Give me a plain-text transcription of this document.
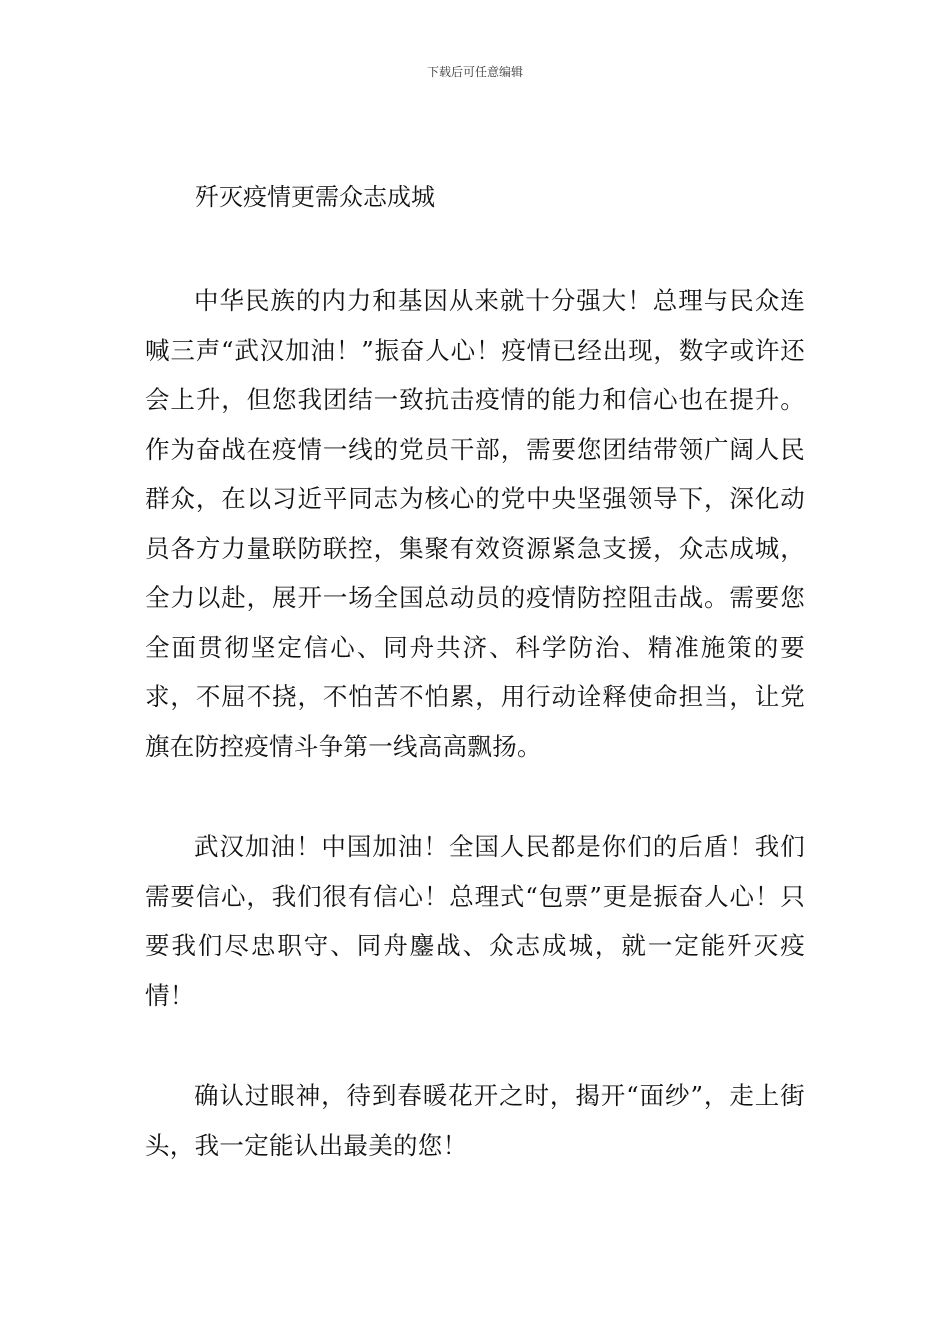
下载后可任意编辑
歼灭疫情更需众志成城

中华民族的内力和基因从来就十分强大！总理与民众连喊三声“武汉加油！”振奋人心！疫情已经出现，数字或许还会上升，但您我团结一致抗击疫情的能力和信心也在提升。作为奋战在疫情一线的党员干部，需要您团结带领广阔人民群众，在以习近平同志为核心的党中央坚强领导下，深化动员各方力量联防联控，集聚有效资源紧急支援，众志成城，全力以赴，展开一场全国总动员的疫情防控阻击战。需要您全面贯彻坚定信心、同舟共济、科学防治、精准施策的要求，不屈不挠，不怕苦不怕累，用行动诠释使命担当，让党旗在防控疫情斗争第一线高高飘扬。

武汉加油！中国加油！全国人民都是你们的后盾！我们需要信心，我们很有信心！总理式“包票”更是振奋人心！只要我们尽忠职守、同舟鏖战、众志成城，就一定能歼灭疫情！

确认过眼神，待到春暖花开之时，揭开“面纱”，走上街头，我一定能认出最美的您！
